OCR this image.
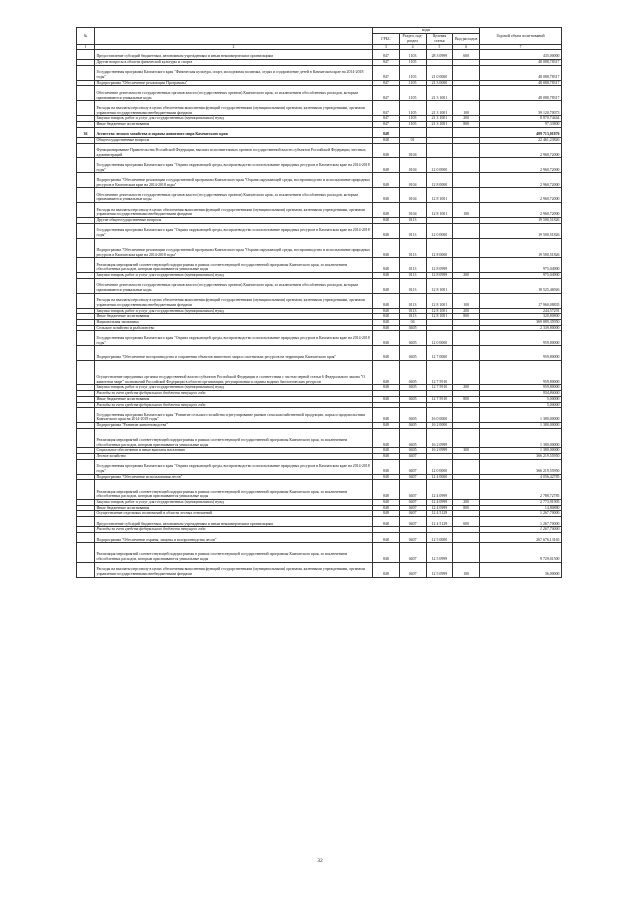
№		коды				Годовой объем ассигнований
		ГРБС	Раздел, под-раздел	Целевая статья	Вид расходов	
1	2	3	4	5	6	7
	Предоставление субсидий бюджетным, автономным учреждениям и иным некоммерческим организациям	847	1103	28 3 0999	600	435,00000
	Другие вопросы в области физической культуры и спорта	847	1105			48 088,78317
	Государственная программа Камчатского края "Физическая культура, спорт, молодежная политика, отдых и оздоровление детей в Камчатском крае на 2014-2018 годы"	847	1105	21 0 0000		48 088,78317
	Подпрограмма "Обеспечение реализации Программы"	847	1105	21 3 0000		48 088,78317
	Обеспечение деятельности государственных органов власти (государственных органов) Камчатского края, за исключением обособленных расходов, которым присваиваются уникальные коды	847	1105	21 3 1001		48 088,78317
	Расходы на выплаты персоналу в целях обеспечения выполнения функций государственными (муниципальными) органами, казенными учреждениями, органами управления государственными внебюджетными фондами	847	1105	21 3 1001	100	39 120,70073
	Закупка товаров, работ и услуг для государственных (муниципальных) нужд	847	1105	21 3 1001	200	8 870,74444
	Иные бюджетные ассигнования	847	1105	21 3 1001	800	97,33800
36	Агентство лесного хозяйства и охраны животного мира Камчатского края	848				409 713,01876
	Общегосударственные вопросы	848	01			22 461,23826
	Функционирование Правительства Российской Федерации, высших исполнительных органов государственной власти субъектов Российской Федерации, местных администраций	848	0104			2 960,72000
	Государственная программа Камчатского края "Охрана окружающей среды, воспроизводство и использование природных ресурсов в Камчатском крае на 2014-2018 годы"	848	0104	12 0 0000		2 960,72000
	Подпрограмма "Обеспечение реализации государственной программы Камчатского края "Охрана окружающей среды, воспроизводство и использование природных ресурсов в Камчатском крае на 2014-2018 годы"	848	0104	12 8 0000		2 960,72000
	Обеспечение деятельности государственных органов власти (государственных органов) Камчатского края, за исключением обособленных расходов, которым присваиваются уникальные коды	848	0104	12 8 1001		2 960,72000
	Расходы на выплаты персоналу в целях обеспечения выполнения функций государственными (муниципальными) органами, казенными учреждениями, органами управления государственными внебюджетными фондами	848	0104	12 8 1001	100	2 960,72000
	Другие общегосударственные вопросы	848	0113			19 500,51826
	Государственная программа Камчатского края "Охрана окружающей среды, воспроизводство и использование природных ресурсов в Камчатском крае на 2014-2018 годы"	848	0113	12 0 0000		19 500,51826
	Подпрограмма "Обеспечение реализации государственной программы Камчатского края "Охрана окружающей среды, воспроизводство и использование природных ресурсов в Камчатском крае на 2014-2018 годы"	848	0113	12 8 0000		19 500,51826
	Реализация мероприятий соответствующей подпрограммы в рамках соответствующей государственной программы Камчатского края, за исключением обособленных расходов, которым присваиваются уникальные коды	848	0113	12 8 0999		975,04900
	Закупка товаров, работ и услуг для государственных (муниципальных) нужд	848	0113	12 8 0999	200	975,04900
	Обеспечение деятельности государственных органов власти (государственных органов) Камчатского края, за исключением обособленных расходов, которым присваиваются уникальные коды	848	0113	12 8 1001		18 525,46926
	Расходы на выплаты персоналу в целях обеспечения выполнения функций государственными (муниципальными) органами, казенными учреждениями, органами управления государственными внебюджетными фондами	848	0113	12 8 1001	100	17 960,08835
	Закупка товаров, работ и услуг для государственных (муниципальных) нужд	848	0113	12 8 1001	200	244,57291
	Иные бюджетные ассигнования	848	0113	12 8 1001	800	320,80800
	Национальная экономика	848	04			369 889,35950
	Сельское хозяйство и рыболовство	848	0405			2 339,80000
	Государственная программа Камчатского края "Охрана окружающей среды, воспроизводство и использование природных ресурсов в Камчатском крае на 2014-2018 годы"	848	0405	12 0 0000		959,80000
	Подпрограмма "Обеспечение воспроизводства и сохранения объектов животного мира и охотничьих ресурсов на территории Камчатского края"	848	0405	12 7 0000		959,80000
	Осуществление переданных органам государственной власти субъектов Российской Федерации в соответствии с частью первой статьи 6 Федерального закона "О животном мире" полномочий Российской Федерации в области организации, регулирования и охраны водных биологических ресурсов	848	0405	12 7 5910		959,80000
	Закупка товаров, работ и услуг для государственных (муниципальных) нужд	848	0405	12 7 5910	200	959,80000
	Расходы за счет средств федерального бюджета текущего года					954,80000
	Иные бюджетные ассигнования	848	0405	12 7 5910	800	5,00000
	Расходы за счет средств федерального бюджета текущего года					5,00000
	Государственная программа Камчатского края "Развитие сельского хозяйства и регулирование рынков сельскохозяйственной продукции, сырья и продовольствия Камчатского края на 2014-2018 годы"	848	0405	16 0 0000		1 380,00000
	Подпрограмма "Развитие животноводства"	848	0405	16 2 0000		1 380,00000
	Реализация мероприятий соответствующей подпрограммы в рамках соответствующей государственной программы Камчатского края, за исключением обособленных расходов, которым присваиваются уникальные коды	848	0405	16 2 0999		1 380,00000
	Социальное обеспечение и иные выплаты населению	848	0405	16 2 0999	300	1 380,00000
	Лесное хозяйство	848	0407			366 219,55950
	Государственная программа Камчатского края "Охрана окружающей среды, воспроизводство и использование природных ресурсов в Камчатском крае на 2014-2018 годы"	848	0407	12 0 0000		366 219,55950
	Подпрограмма "Обеспечение использования лесов"	848	0407	12 4 0000		4 056,42785
	Реализация мероприятий соответствующей подпрограммы в рамках соответствующей государственной программы Камчатского края, за исключением обособленных расходов, которым присваиваются уникальные коды	848	0407	12 4 0999		2 788,72785
	Закупка товаров, работ и услуг для государственных (муниципальных) нужд	848	0407	12 4 0999	200	2 773,91905
	Иные бюджетные ассигнования	848	0407	12 4 0999	800	14,80880
	Осуществление отдельных полномочий в области лесных отношений	848	0407	12 4 5129		1 267,70000
	Предоставление субсидий бюджетным, автономным учреждениям и иным некоммерческим организациям	848	0407	12 4 5129	600	1 267,70000
	Расходы за счет средств федерального бюджета текущего года					1 267,70000
	Подпрограмма "Обеспечение охраны, защиты и воспроизводства лесов"	848	0407	12 5 0000		267 676,13165
	Реализация мероприятий соответствующей подпрограммы в рамках соответствующей государственной программы Камчатского края, за исключением обособленных расходов, которым присваиваются уникальные коды	848	0407	12 5 0999		9 729,01500
	Расходы на выплаты персоналу в целях обеспечения выполнения функций государственными (муниципальными) органами, казенными учреждениями, органами управления государственными внебюджетными фондами	848	0407	12 5 0999	100	36,00000
32
